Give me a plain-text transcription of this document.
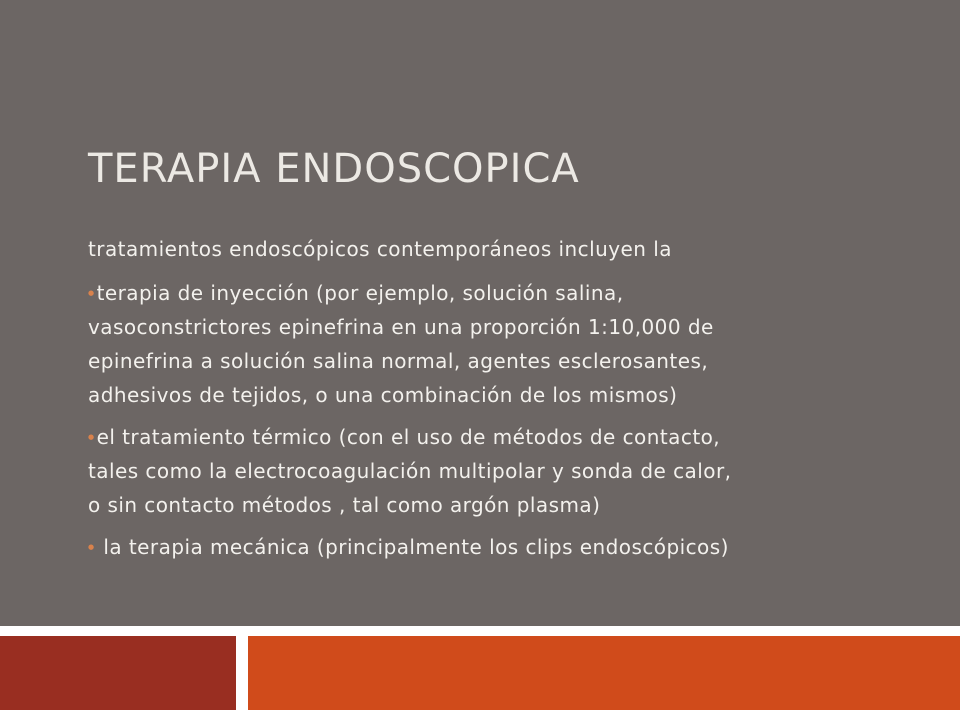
TERAPIA ENDOSCOPICA

tratamientos endoscópicos contemporáneos incluyen la

● terapia de inyección (por ejemplo, solución salina,
vasoconstrictores epinefrina en una proporción 1:10,000 de
epinefrina a solución salina normal, agentes esclerosantes,
adhesivos de tejidos, o una combinación de los mismos)
● el tratamiento térmico (con el uso de métodos de contacto,
tales como la electrocoagulación multipolar y sonda de calor,
o sin contacto métodos , tal como argón plasma)
● la terapia mecánica (principalmente los clips endoscópicos)
